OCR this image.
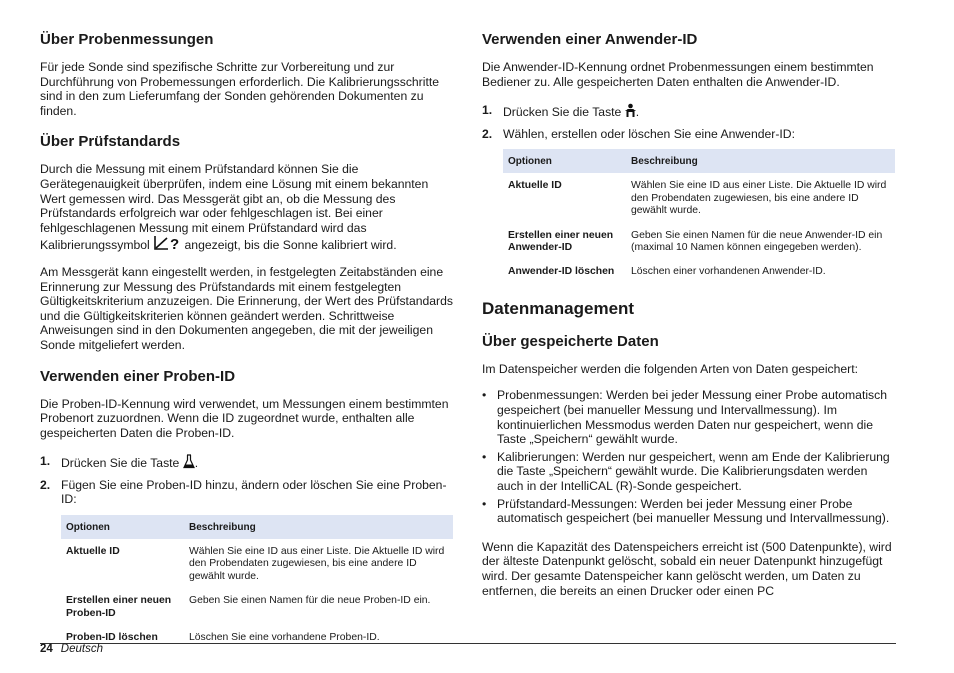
Über Probenmessungen

Für jede Sonde sind spezifische Schritte zur Vorbereitung und zur Durchführung von Probemessungen erforderlich. Die Kalibrierungsschritte sind in den zum Lieferumfang der Sonden gehörenden Dokumenten zu finden.

Über Prüfstandards

Durch die Messung mit einem Prüfstandard können Sie die Gerätegenauigkeit überprüfen, indem eine Lösung mit einem bekannten Wert gemessen wird. Das Messgerät gibt an, ob die Messung des Prüfstandards erfolgreich war oder fehlgeschlagen ist. Bei einer fehlgeschlagenen Messung mit einem Prüfstandard wird das Kalibrierungssymbol ? angezeigt, bis die Sonne kalibriert wird.

Am Messgerät kann eingestellt werden, in festgelegten Zeitabständen eine Erinnerung zur Messung des Prüfstandards mit einem festgelegten Gültigkeitskriterium anzuzeigen. Die Erinnerung, der Wert des Prüfstandards und die Gültigkeitskriterien können geändert werden. Schrittweise Anweisungen sind in den Dokumenten angegeben, die mit der jeweiligen Sonde mitgeliefert werden.

Verwenden einer Proben-ID

Die Proben-ID-Kennung wird verwendet, um Messungen einem bestimmten Probenort zuzuordnen. Wenn die ID zugeordnet wurde, enthalten alle gespeicherten Daten die Proben-ID.

1. Drücken Sie die Taste .
2. Fügen Sie eine Proben-ID hinzu, ändern oder löschen Sie eine Proben-ID:
Optionen	Beschreibung
Aktuelle ID	Wählen Sie eine ID aus einer Liste. Die Aktuelle ID wird den Probendaten zugewiesen, bis eine andere ID gewählt wurde.
Erstellen einer neuen Proben-ID	Geben Sie einen Namen für die neue Proben-ID ein.
Proben-ID löschen	Löschen Sie eine vorhandene Proben-ID.
Verwenden einer Anwender-ID

Die Anwender-ID-Kennung ordnet Probenmessungen einem bestimmten Bediener zu. Alle gespeicherten Daten enthalten die Anwender-ID.

1. Drücken Sie die Taste .
2. Wählen, erstellen oder löschen Sie eine Anwender-ID:
Optionen	Beschreibung
Aktuelle ID	Wählen Sie eine ID aus einer Liste. Die Aktuelle ID wird den Probendaten zugewiesen, bis eine andere ID gewählt wurde.
Erstellen einer neuen Anwender-ID	Geben Sie einen Namen für die neue Anwender-ID ein (maximal 10 Namen können eingegeben werden).
Anwender-ID löschen	Löschen einer vorhandenen Anwender-ID.
Datenmanagement
Über gespeicherte Daten

Im Datenspeicher werden die folgenden Arten von Daten gespeichert:

• Probenmessungen: Werden bei jeder Messung einer Probe automatisch gespeichert (bei manueller Messung und Intervallmessung). Im kontinuierlichen Messmodus werden Daten nur gespeichert, wenn die Taste „Speichern“ gewählt wurde.
• Kalibrierungen: Werden nur gespeichert, wenn am Ende der Kalibrierung die Taste „Speichern“ gewählt wurde. Die Kalibrierungsdaten werden auch in der IntelliCAL (R)-Sonde gespeichert.
• Prüfstandard-Messungen: Werden bei jeder Messung einer Probe automatisch gespeichert (bei manueller Messung und Intervallmessung).

Wenn die Kapazität des Datenspeichers erreicht ist (500 Datenpunkte), wird der älteste Datenpunkt gelöscht, sobald ein neuer Datenpunkt hinzugefügt wird. Der gesamte Datenspeicher kann gelöscht werden, um Daten zu entfernen, die bereits an einen Drucker oder einen PC

24 Deutsch
